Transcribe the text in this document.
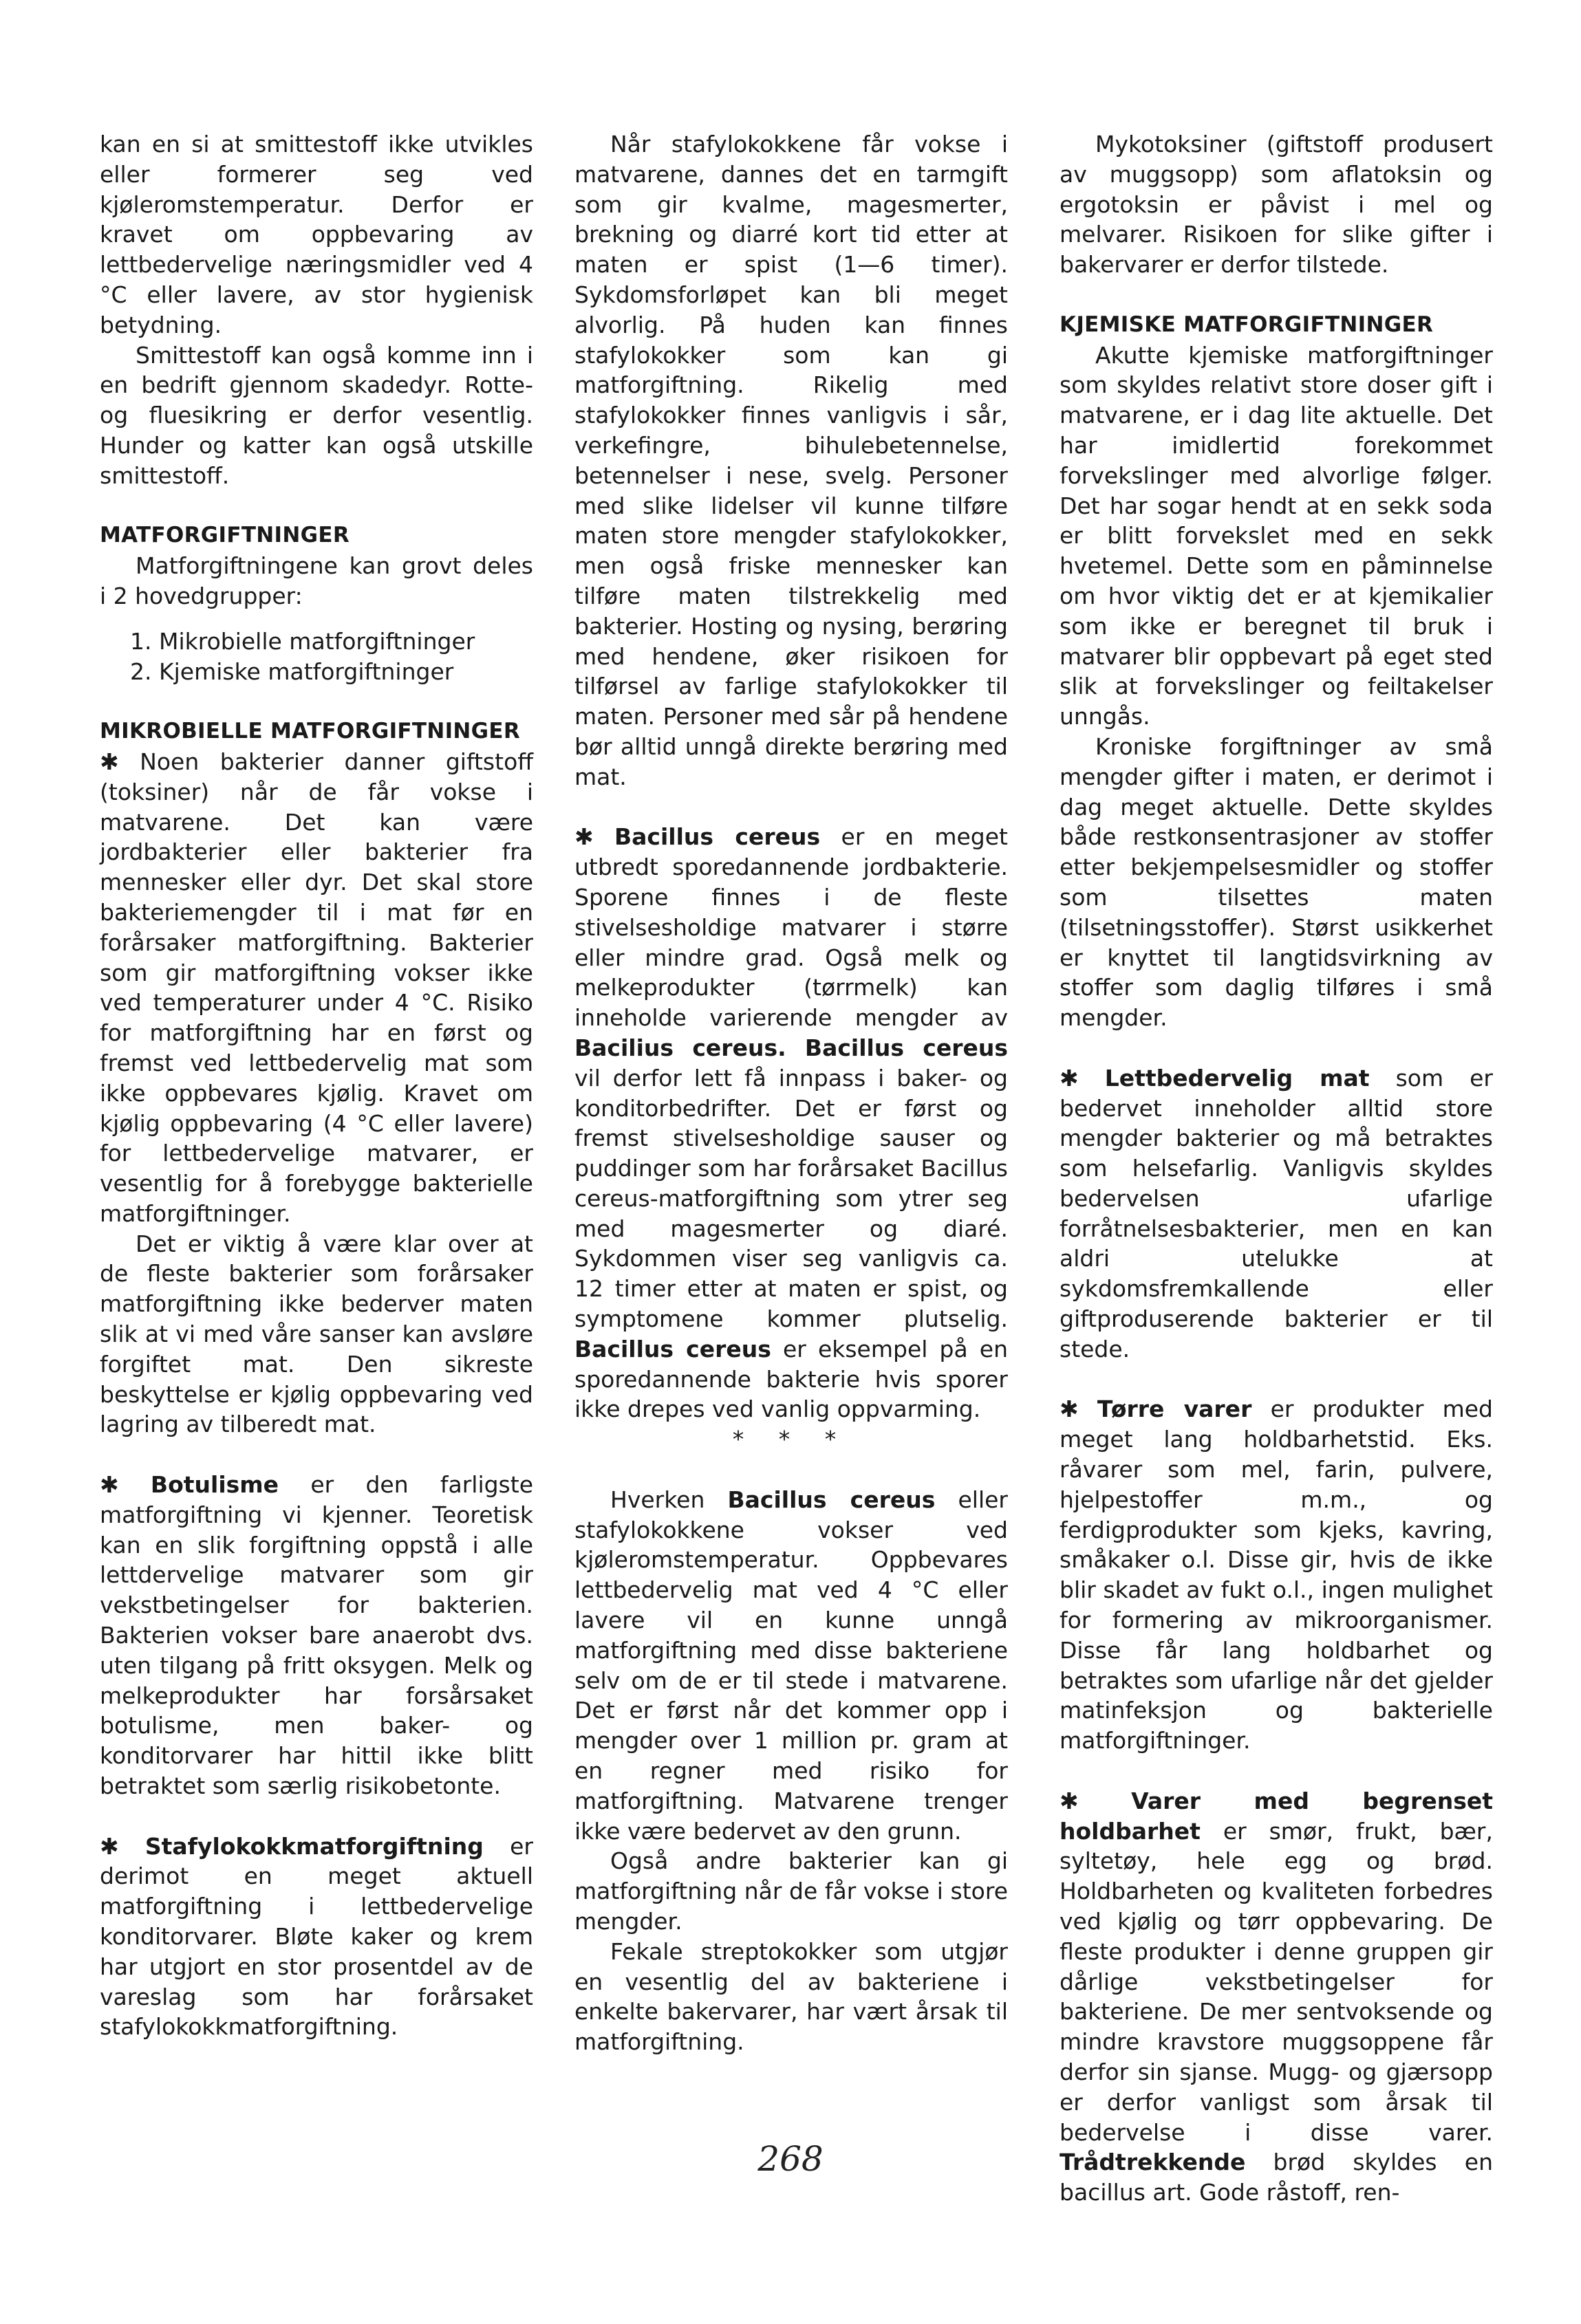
kan en si at smittestoff ikke utvikles eller formerer seg ved kjøleromstemperatur. Derfor er kravet om oppbevaring av lettbedervelige næringsmidler ved 4 °C eller lavere, av stor hygienisk betydning.

Smittestoff kan også komme inn i en bedrift gjennom skadedyr. Rotte- og fluesikring er derfor vesentlig. Hunder og katter kan også utskille smittestoff.

MATFORGIFTNINGER

Matforgiftningene kan grovt deles i 2 hovedgrupper:

1. Mikrobielle matforgiftninger
2. Kjemiske matforgiftninger
MIKROBIELLE MATFORGIFTNINGER

✱ Noen bakterier danner giftstoff (toksiner) når de får vokse i matvarene. Det kan være jordbakterier eller bakterier fra mennesker eller dyr. Det skal store bakteriemengder til i mat før en forårsaker matforgiftning. Bakterier som gir matforgiftning vokser ikke ved temperaturer under 4 °C. Risiko for matforgiftning har en først og fremst ved lettbedervelig mat som ikke oppbevares kjølig. Kravet om kjølig oppbevaring (4 °C eller lavere) for lettbedervelige matvarer, er vesentlig for å forebygge bakterielle matforgiftninger.

Det er viktig å være klar over at de fleste bakterier som forårsaker matforgiftning ikke bederver maten slik at vi med våre sanser kan avsløre forgiftet mat. Den sikreste beskyttelse er kjølig oppbevaring ved lagring av tilberedt mat.

✱ Botulisme er den farligste matforgiftning vi kjenner. Teoretisk kan en slik forgiftning oppstå i alle lettdervelige matvarer som gir vekstbetingelser for bakterien. Bakterien vokser bare anaerobt dvs. uten tilgang på fritt oksygen. Melk og melkeprodukter har forsårsaket botulisme, men baker- og konditorvarer har hittil ikke blitt betraktet som særlig risikobetonte.

✱ Stafylokokkmatforgiftning er derimot en meget aktuell matforgiftning i lettbedervelige konditorvarer. Bløte kaker og krem har utgjort en stor prosentdel av de vareslag som har forårsaket stafylokokkmatforgiftning.

Når stafylokokkene får vokse i matvarene, dannes det en tarmgift som gir kvalme, magesmerter, brekning og diarré kort tid etter at maten er spist (1—6 timer). Sykdomsforløpet kan bli meget alvorlig. På huden kan finnes stafylokokker som kan gi matforgiftning. Rikelig med stafylokokker finnes vanligvis i sår, verkefingre, bihulebetennelse, betennelser i nese, svelg. Personer med slike lidelser vil kunne tilføre maten store mengder stafylokokker, men også friske mennesker kan tilføre maten tilstrekkelig med bakterier. Hosting og nysing, berøring med hendene, øker risikoen for tilførsel av farlige stafylokokker til maten. Personer med sår på hendene bør alltid unngå direkte berøring med mat.

✱ Bacillus cereus er en meget utbredt sporedannende jordbakterie. Sporene finnes i de fleste stivelsesholdige matvarer i større eller mindre grad. Også melk og melkeprodukter (tørrmelk) kan inneholde varierende mengder av Bacilius cereus. Bacillus cereus vil derfor lett få innpass i baker- og konditorbedrifter. Det er først og fremst stivelsesholdige sauser og puddinger som har forårsaket Bacillus cereus-matforgiftning som ytrer seg med magesmerter og diaré. Sykdommen viser seg vanligvis ca. 12 timer etter at maten er spist, og symptomene kommer plutselig. Bacillus cereus er eksempel på en sporedannende bakterie hvis sporer ikke drepes ved vanlig oppvarming.

* * *

Hverken Bacillus cereus eller stafylokokkene vokser ved kjøleromstemperatur. Oppbevares lettbedervelig mat ved 4 °C eller lavere vil en kunne unngå matforgiftning med disse bakteriene selv om de er til stede i matvarene. Det er først når det kommer opp i mengder over 1 million pr. gram at en regner med risiko for matforgiftning. Matvarene trenger ikke være bedervet av den grunn.

Også andre bakterier kan gi matforgiftning når de får vokse i store mengder.

Fekale streptokokker som utgjør en vesentlig del av bakteriene i enkelte bakervarer, har vært årsak til matforgiftning.

Mykotoksiner (giftstoff produsert av muggsopp) som aflatoksin og ergotoksin er påvist i mel og melvarer. Risikoen for slike gifter i bakervarer er derfor tilstede.

KJEMISKE MATFORGIFTNINGER

Akutte kjemiske matforgiftninger som skyldes relativt store doser gift i matvarene, er i dag lite aktuelle. Det har imidlertid forekommet forvekslinger med alvorlige følger. Det har sogar hendt at en sekk soda er blitt forvekslet med en sekk hvetemel. Dette som en påminnelse om hvor viktig det er at kjemikalier som ikke er beregnet til bruk i matvarer blir oppbevart på eget sted slik at forvekslinger og feiltakelser unngås.

Kroniske forgiftninger av små mengder gifter i maten, er derimot i dag meget aktuelle. Dette skyldes både restkonsentrasjoner av stoffer etter bekjempelsesmidler og stoffer som tilsettes maten (tilsetningsstoffer). Størst usikkerhet er knyttet til langtidsvirkning av stoffer som daglig tilføres i små mengder.

✱ Lettbedervelig mat som er bedervet inneholder alltid store mengder bakterier og må betraktes som helsefarlig. Vanligvis skyldes bedervelsen ufarlige forråtnelsesbakterier, men en kan aldri utelukke at sykdomsfremkallende eller giftproduserende bakterier er til stede.

✱ Tørre varer er produkter med meget lang holdbarhetstid. Eks. råvarer som mel, farin, pulvere, hjelpestoffer m.m., og ferdigprodukter som kjeks, kavring, småkaker o.l. Disse gir, hvis de ikke blir skadet av fukt o.l., ingen mulighet for formering av mikroorganismer. Disse får lang holdbarhet og betraktes som ufarlige når det gjelder matinfeksjon og bakterielle matforgiftninger.

✱ Varer med begrenset holdbarhet er smør, frukt, bær, syltetøy, hele egg og brød. Holdbarheten og kvaliteten forbedres ved kjølig og tørr oppbevaring. De fleste produkter i denne gruppen gir dårlige vekstbetingelser for bakteriene. De mer sentvoksende og mindre kravstore muggsoppene får derfor sin sjanse. Mugg- og gjærsopp er derfor vanligst som årsak til bedervelse i disse varer. Trådtrekkende brød skyldes en bacillus art. Gode råstoff, ren-

268
